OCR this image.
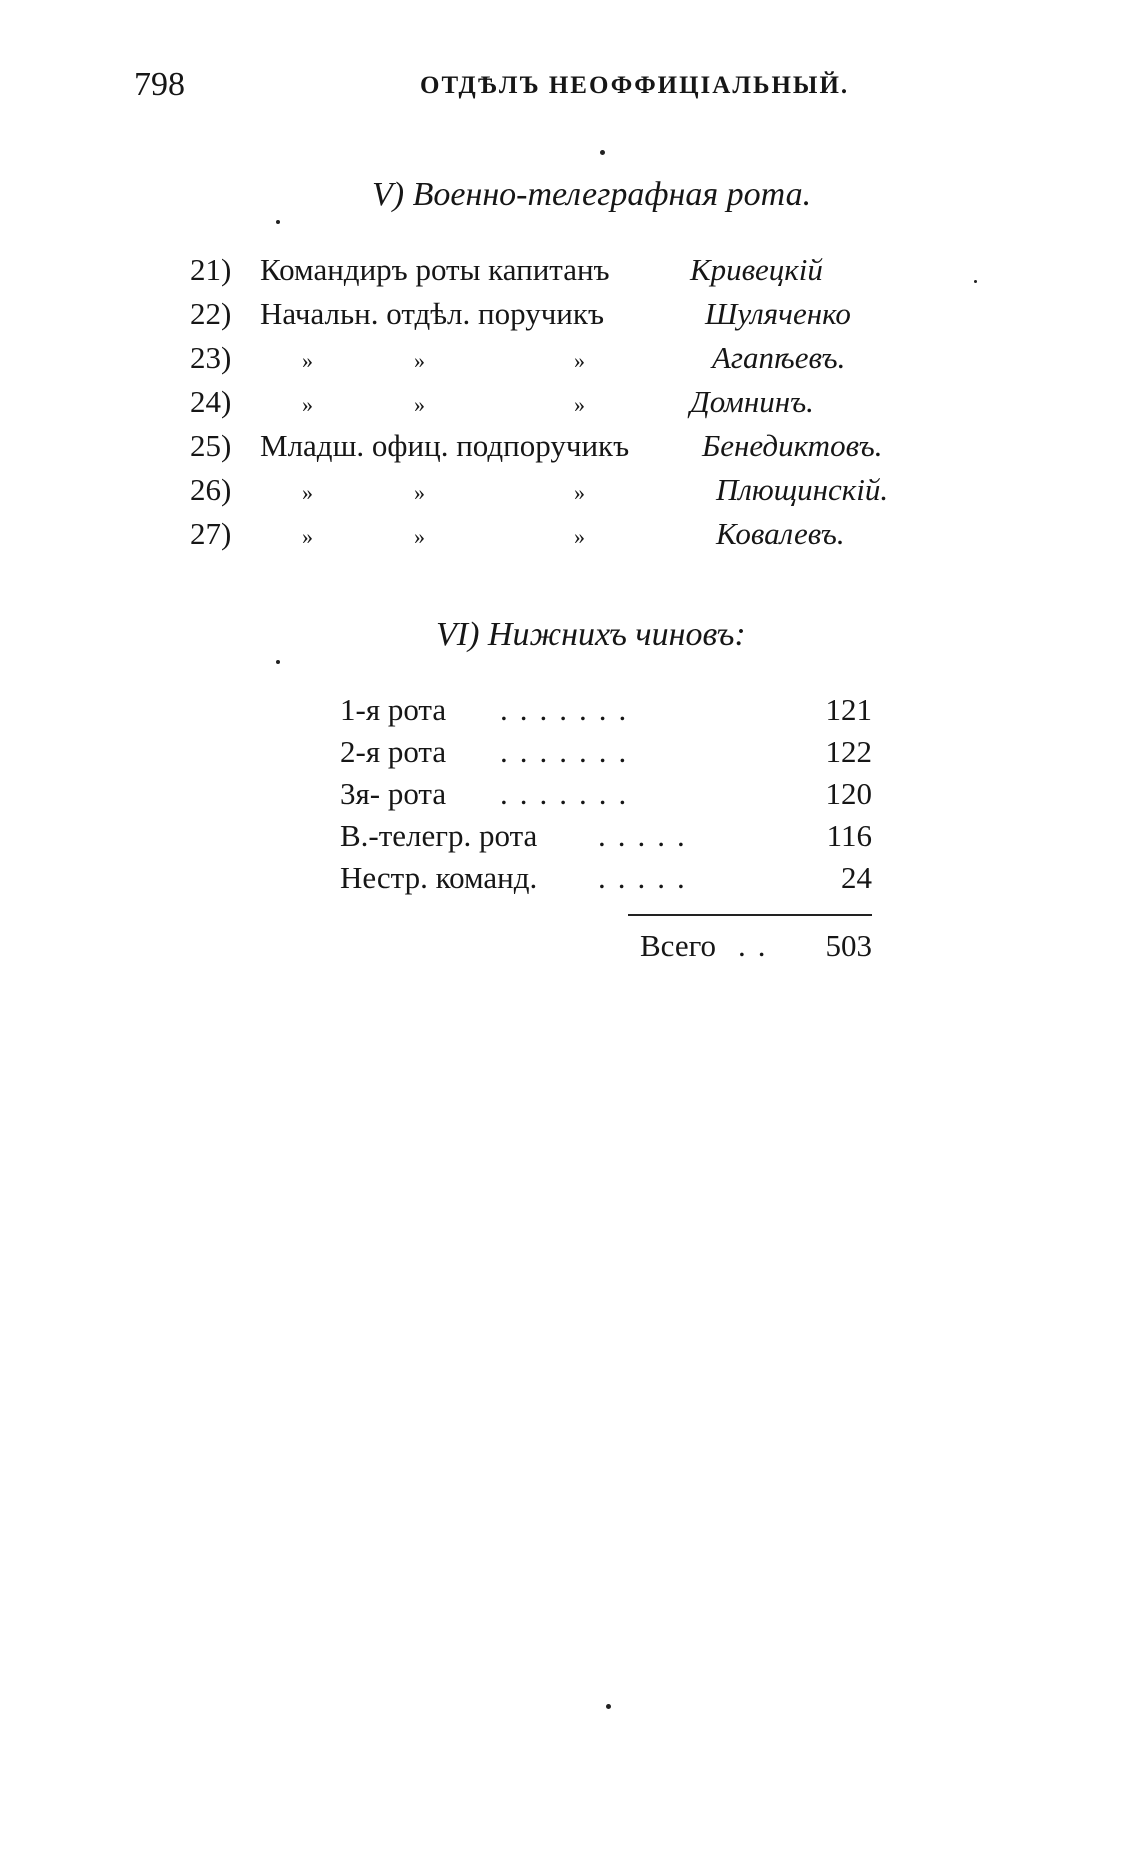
798	ОТДѢЛЪ НЕОФФИЦIАЛЬНЫЙ.
V) Военно-телеграфная рота.
21) Командиръ роты капитанъ	Кривецкій
22) Начальн. отдѣл. поручикъ	Шуляченко
23)	»	»	»	Агапѣевъ.
24)	»	»	»	Домнинъ.
25) Младш. офиц. подпоручикъ Бенедиктовъ.
26)	»	»	»	Плющинскій.
27)	»	»	»	Ковалевъ.
VI) Нижнихъ чиновъ:
1-я рота .......	121
2-я рота .......	122
3я- рота .......	120
В.-телегр. рота .....	116
Нестр. команд. .....	24
Всего .. 503
